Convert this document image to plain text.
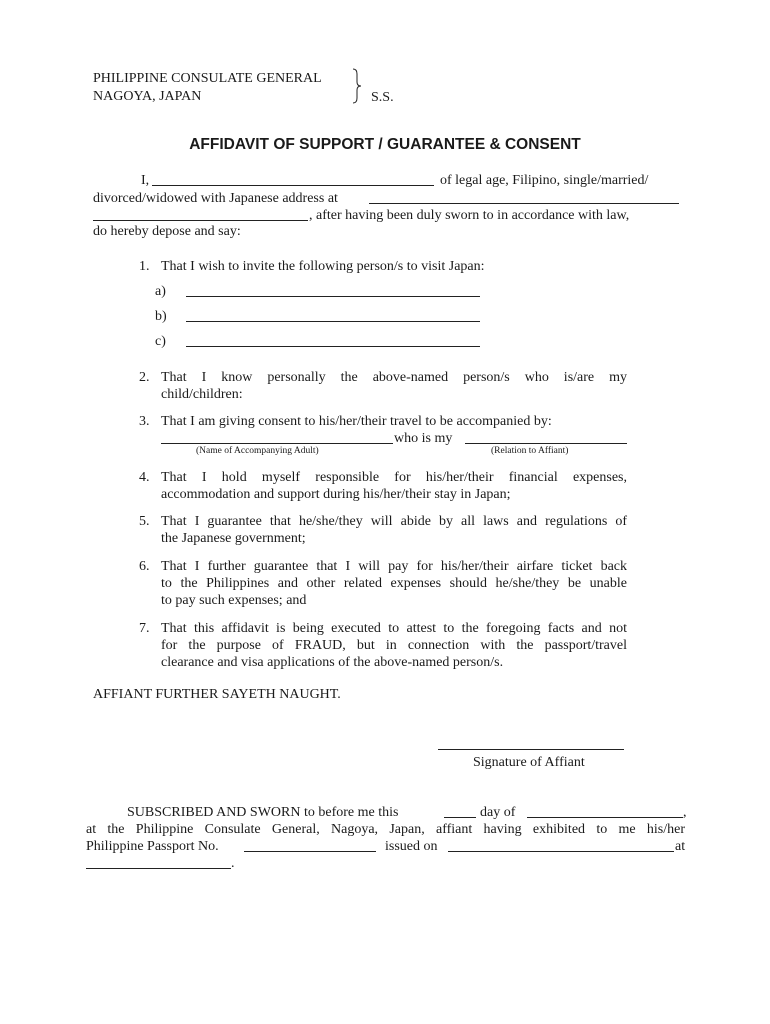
PHILIPPINE CONSULATE GENERAL
NAGOYA, JAPAN	S.S.
AFFIDAVIT OF SUPPORT / GUARANTEE & CONSENT
I,	of legal age, Filipino, single/married/
divorced/widowed with Japanese address at
, after having been duly sworn to in accordance with law,
do hereby depose and say:
1. That I wish to invite the following person/s to visit Japan:
a)
b)
c)
2. That I know personally the above-named person/s who is/are my
child/children:
3. That I am giving consent to his/her/their travel to be accompanied by:
who is my
(Name of Accompanying Adult)	(Relation to Affiant)
4. That I hold myself responsible for his/her/their financial expenses,
accommodation and support during his/her/their stay in Japan;
5. That I guarantee that he/she/they will abide by all laws and regulations of
the Japanese government;
6. That I further guarantee that I will pay for his/her/their airfare ticket back
to the Philippines and other related expenses should he/she/they be unable
to pay such expenses; and
7. That this affidavit is being executed to attest to the foregoing facts and not
for the purpose of FRAUD, but in connection with the passport/travel
clearance and visa applications of the above-named person/s.
AFFIANT FURTHER SAYETH NAUGHT.
Signature of Affiant
SUBSCRIBED AND SWORN to before me this	day of	,
at the Philippine Consulate General, Nagoya, Japan, affiant having exhibited to me his/her
Philippine Passport No.	issued on	at
.
